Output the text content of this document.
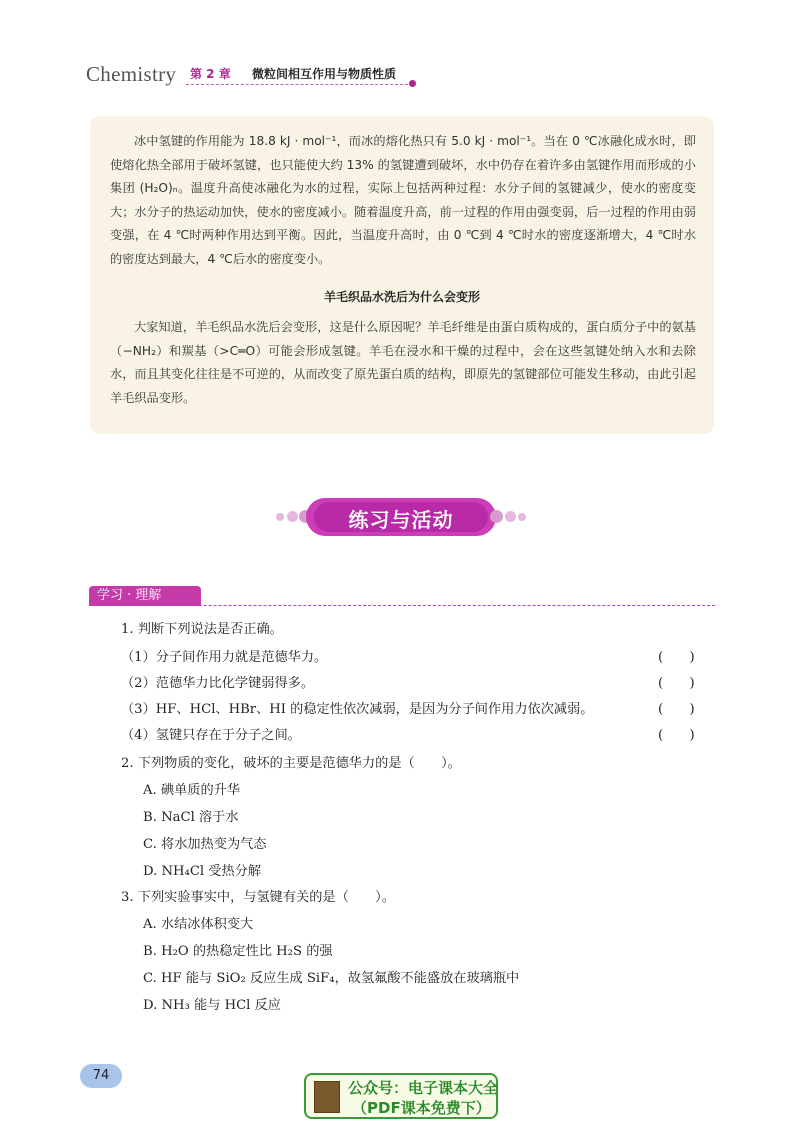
Chemistry 第 2 章 微粒间相互作用与物质性质

冰中氢键的作用能为 18.8 kJ · mol⁻¹，而冰的熔化热只有 5.0 kJ · mol⁻¹。当在 0 ℃冰融化成水时，即使熔化热全部用于破坏氢键，也只能使大约 13% 的氢键遭到破坏，水中仍存在着许多由氢键作用而形成的小集团 (H₂O)ₙ。温度升高使冰融化为水的过程，实际上包括两种过程：水分子间的氢键减少，使水的密度变大；水分子的热运动加快，使水的密度减小。随着温度升高，前一过程的作用由强变弱，后一过程的作用由弱变强，在 4 ℃时两种作用达到平衡。因此，当温度升高时，由 0 ℃到 4 ℃时水的密度逐渐增大，4 ℃时水的密度达到最大，4 ℃后水的密度变小。

羊毛织品水洗后为什么会变形

大家知道，羊毛织品水洗后会变形，这是什么原因呢？羊毛纤维是由蛋白质构成的，蛋白质分子中的氨基（−NH₂）和羰基（>C═O）可能会形成氢键。羊毛在浸水和干燥的过程中，会在这些氢键处纳入水和去除水，而且其变化往往是不可逆的，从而改变了原先蛋白质的结构，即原先的氢键部位可能发生移动，由此引起羊毛织品变形。

练习与活动
学习 · 理解
1. 判断下列说法是否正确。
（1）分子间作用力就是范德华力。	(　　)
（2）范德华力比化学键弱得多。	(　　)
（3）HF、HCl、HBr、HI 的稳定性依次减弱，是因为分子间作用力依次减弱。	(　　)
（4）氢键只存在于分子之间。	(　　)
2. 下列物质的变化，破坏的主要是范德华力的是（　　）。
A. 碘单质的升华
B. NaCl 溶于水
C. 将水加热变为气态
D. NH₄Cl 受热分解
3. 下列实验事实中，与氢键有关的是（　　）。
A. 水结冰体积变大
B. H₂O 的热稳定性比 H₂S 的强
C. HF 能与 SiO₂ 反应生成 SiF₄，故氢氟酸不能盛放在玻璃瓶中
D. NH₃ 能与 HCl 反应
74
公众号：电子课本大全
（PDF课本免费下）
